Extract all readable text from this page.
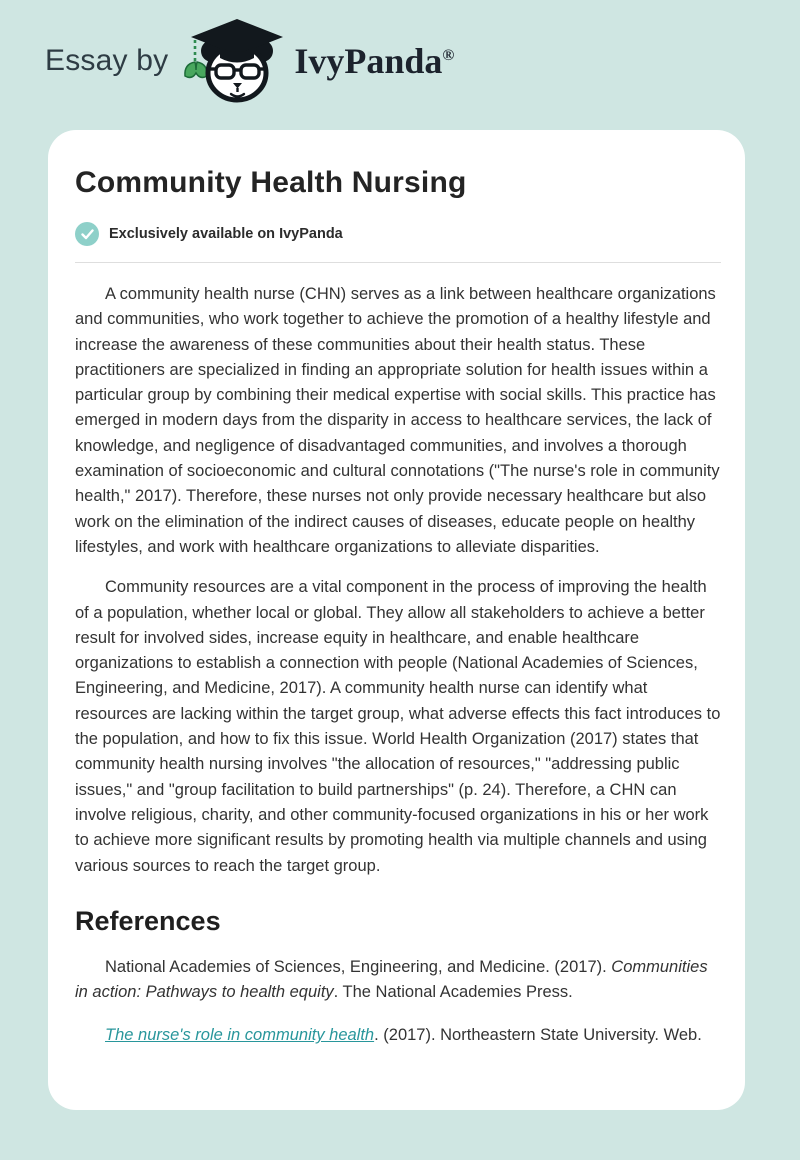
Essay by	IvyPanda®
Community Health Nursing
Exclusively available on IvyPanda

A community health nurse (CHN) serves as a link between healthcare organizations and communities, who work together to achieve the promotion of a healthy lifestyle and increase the awareness of these communities about their health status. These practitioners are specialized in finding an appropriate solution for health issues within a particular group by combining their medical expertise with social skills. This practice has emerged in modern days from the disparity in access to healthcare services, the lack of knowledge, and negligence of disadvantaged communities, and involves a thorough examination of socioeconomic and cultural connotations ("The nurse's role in community health," 2017). Therefore, these nurses not only provide necessary healthcare but also work on the elimination of the indirect causes of diseases, educate people on healthy lifestyles, and work with healthcare organizations to alleviate disparities.

Community resources are a vital component in the process of improving the health of a population, whether local or global. They allow all stakeholders to achieve a better result for involved sides, increase equity in healthcare, and enable healthcare organizations to establish a connection with people (National Academies of Sciences, Engineering, and Medicine, 2017). A community health nurse can identify what resources are lacking within the target group, what adverse effects this fact introduces to the population, and how to fix this issue. World Health Organization (2017) states that community health nursing involves "the allocation of resources," "addressing public issues," and "group facilitation to build partnerships" (p. 24). Therefore, a CHN can involve religious, charity, and other community-focused organizations in his or her work to achieve more significant results by promoting health via multiple channels and using various sources to reach the target group.

References

National Academies of Sciences, Engineering, and Medicine. (2017). Communities in action: Pathways to health equity. The National Academies Press.

The nurse's role in community health. (2017). Northeastern State University. Web.
